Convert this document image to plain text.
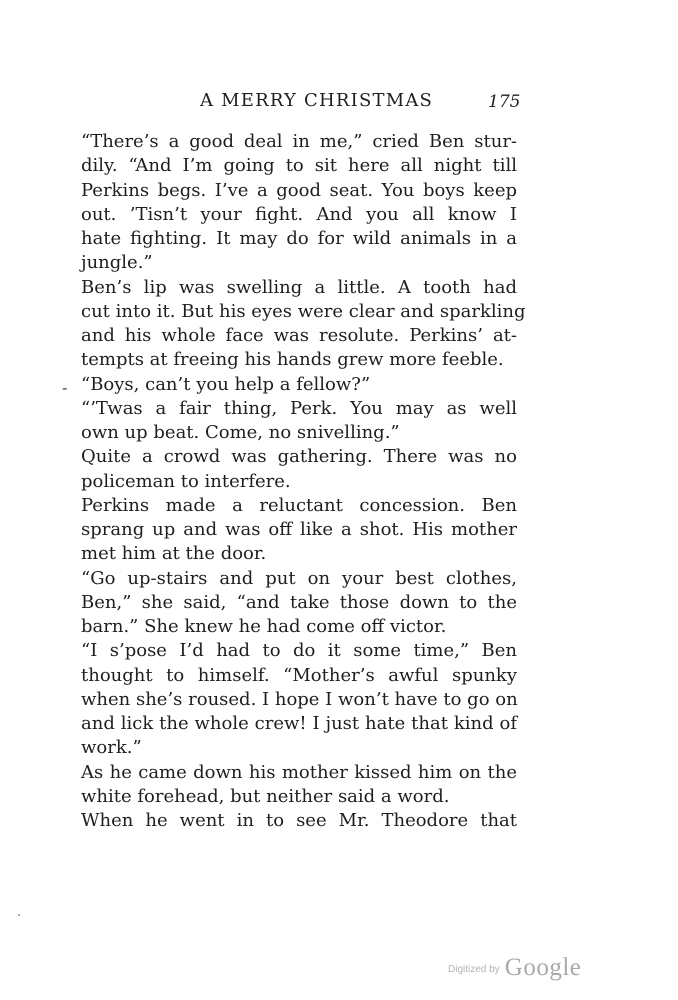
A MERRY CHRISTMAS	175
-
“There’s a good deal in me,” cried Ben stur-
dily. “And I’m going to sit here all night till
Perkins begs. I’ve a good seat. You boys keep
out. ’Tisn’t your fight. And you all know I
hate fighting. It may do for wild animals in a
jungle.”
Ben’s lip was swelling a little. A tooth had
cut into it. But his eyes were clear and sparkling
and his whole face was resolute. Perkins’ at-
tempts at freeing his hands grew more feeble.
“Boys, can’t you help a fellow?”
“’Twas a fair thing, Perk. You may as well
own up beat. Come, no snivelling.”
Quite a crowd was gathering. There was no
policeman to interfere.
Perkins made a reluctant concession. Ben
sprang up and was off like a shot. His mother
met him at the door.
“Go up-stairs and put on your best clothes,
Ben,” she said, “and take those down to the
barn.” She knew he had come off victor.
“I s’pose I’d had to do it some time,” Ben
thought to himself. “Mother’s awful spunky
when she’s roused. I hope I won’t have to go on
and lick the whole crew! I just hate that kind of
work.”
As he came down his mother kissed him on the
white forehead, but neither said a word.
When he went in to see Mr. Theodore that
Digitized by Google
